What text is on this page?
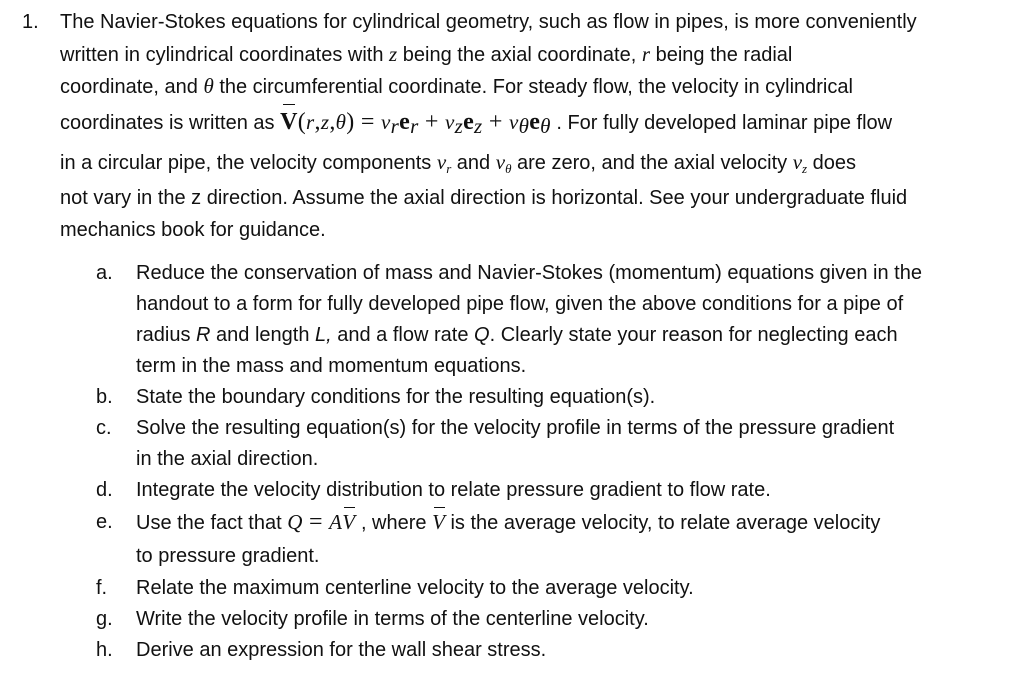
1. The Navier-Stokes equations for cylindrical geometry, such as flow in pipes, is more conveniently
written in cylindrical coordinates with z being the axial coordinate, r being the radial
coordinate, and θ the circumferential coordinate. For steady flow, the velocity in cylindrical
coordinates is written as $V(r,z,\theta) = v_re_r + v_ze_z + v_\theta e_\theta$ . For fully developed laminar pipe flow
in a circular pipe, the velocity components $v_r$ and $v_\theta$ are zero, and the axial velocity $v_z$ does
not vary in the z direction. Assume the axial direction is horizontal. See your undergraduate fluid
mechanics book for guidance.
a. Reduce the conservation of mass and Navier-Stokes (momentum) equations given in the
handout to a form for fully developed pipe flow, given the above conditions for a pipe of
radius R and length L, and a flow rate Q. Clearly state your reason for neglecting each
term in the mass and momentum equations.
b. State the boundary conditions for the resulting equation(s).
c. Solve the resulting equation(s) for the velocity profile in terms of the pressure gradient
in the axial direction.
d. Integrate the velocity distribution to relate pressure gradient to flow rate.
e. Use the fact that Q = AV , where V is the average velocity, to relate average velocity
to pressure gradient.
f. Relate the maximum centerline velocity to the average velocity.
g. Write the velocity profile in terms of the centerline velocity.
h. Derive an expression for the wall shear stress.
